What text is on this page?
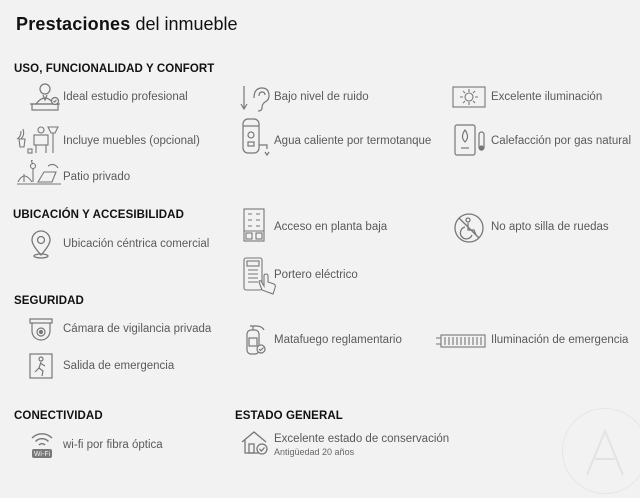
Prestaciones del inmueble
USO, FUNCIONALIDAD Y CONFORT
UBICACIÓN Y ACCESIBILIDAD
SEGURIDAD
CONECTIVIDAD	ESTADO GENERAL
Ideal estudio profesional	Bajo nivel de ruido	Excelente iluminación
Incluye muebles (opcional)	Agua caliente por termotanque	Calefacción por gas natural
Patio privado
Ubicación céntrica comercial
Acceso en planta baja	No apto silla de ruedas
Portero eléctrico
Cámara de vigilancia privada
Matafuego reglamentario	Iluminación de emergencia
Salida de emergencia
Wi-Fi
wi-fi por fibra óptica	Excelente estado de conservación
Antigüedad 20 años
